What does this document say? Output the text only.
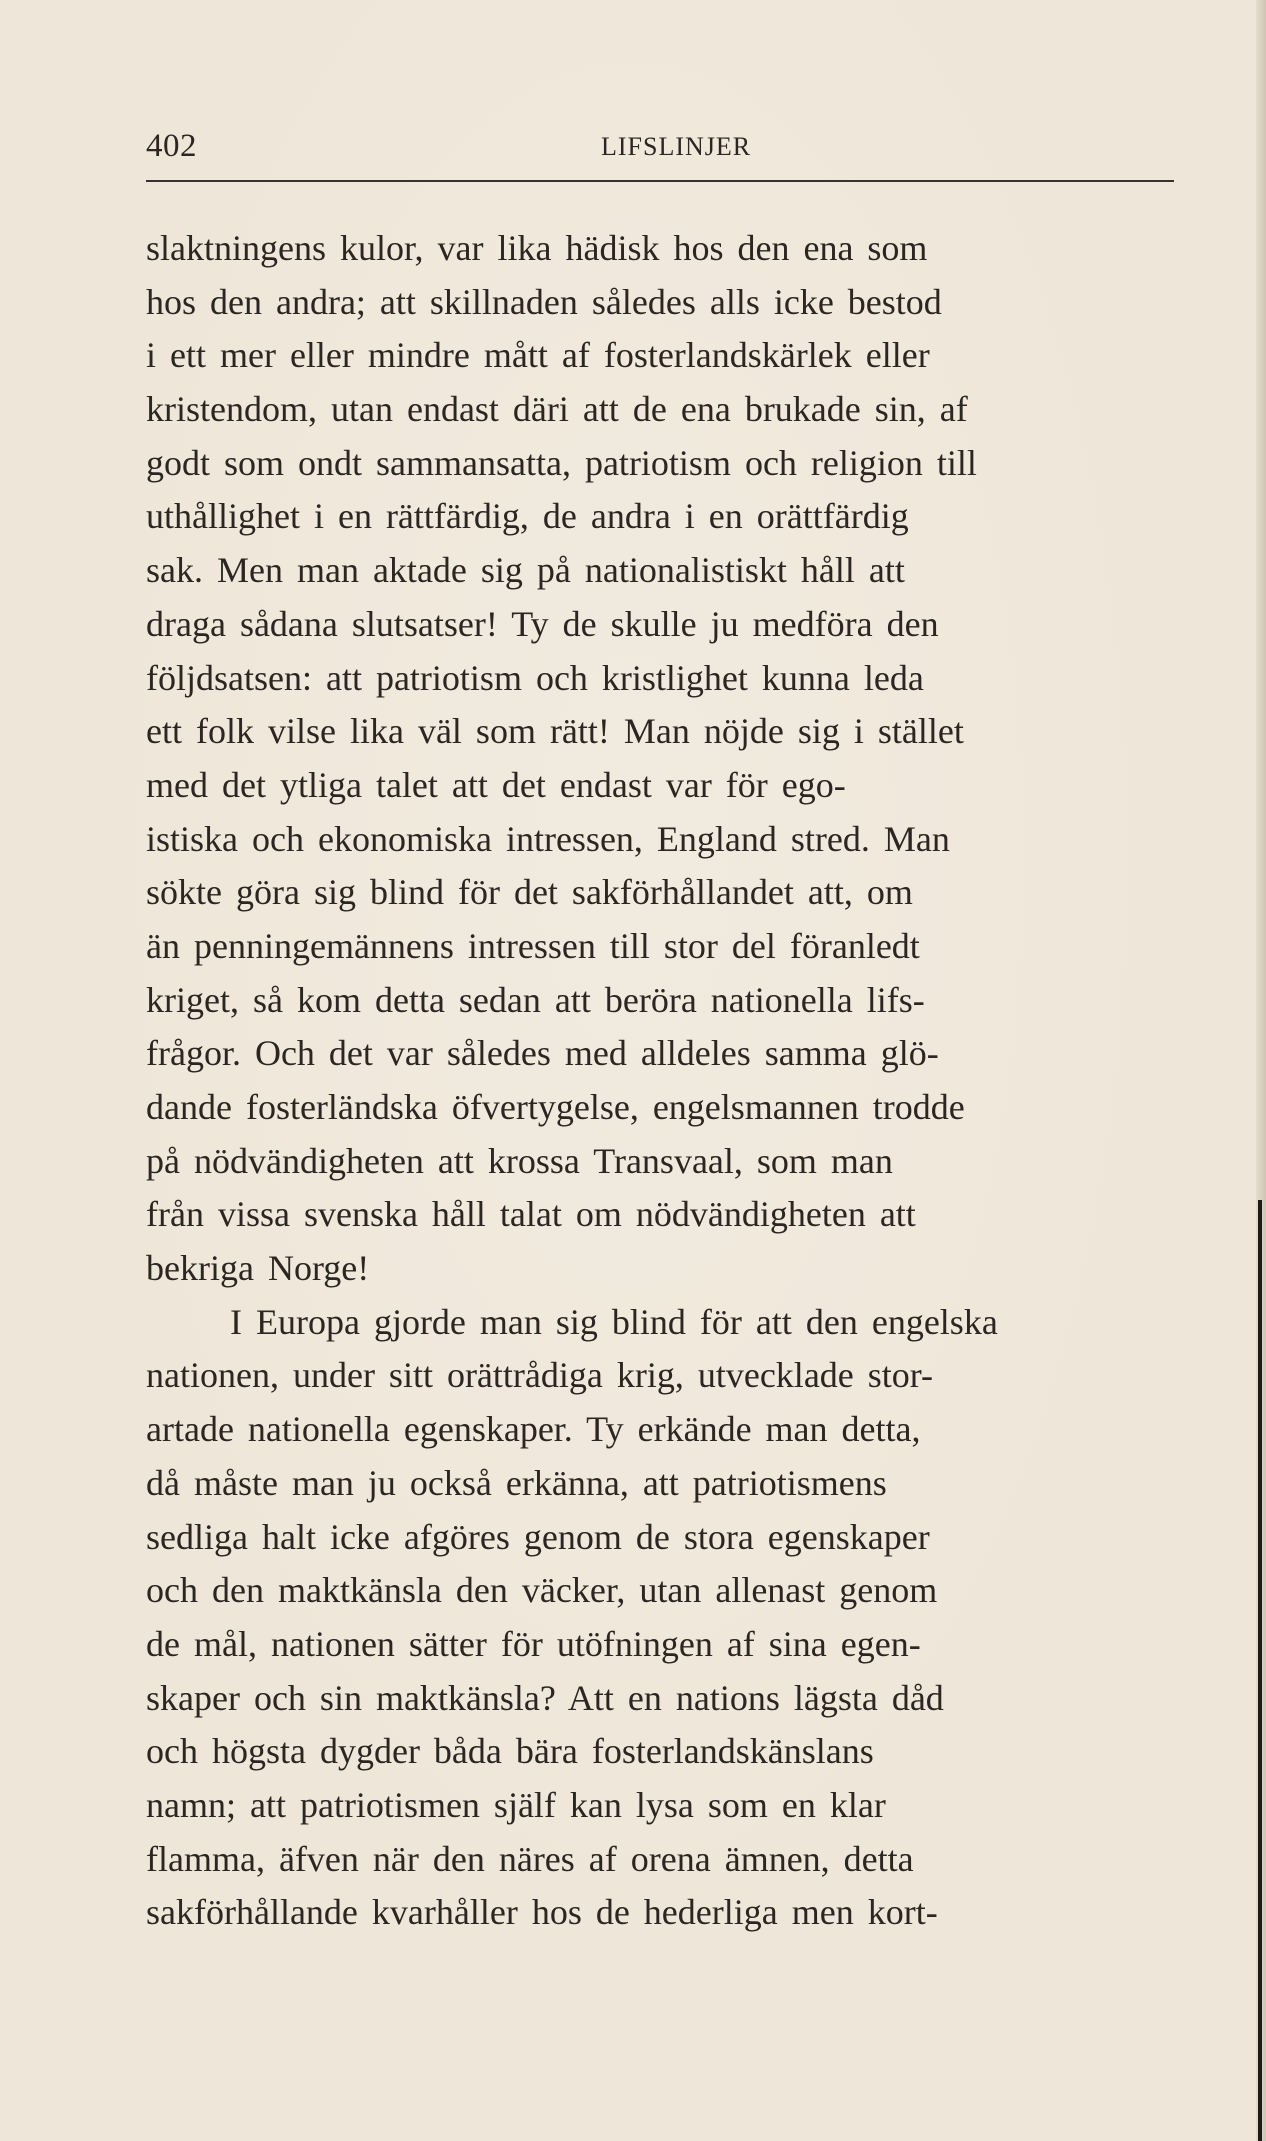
402	LIFSLINJER
slaktningens kulor, var lika hädisk hos den ena som
hos den andra; att skillnaden således alls icke bestod
i ett mer eller mindre mått af fosterlandskärlek eller
kristendom, utan endast däri att de ena brukade sin, af
godt som ondt sammansatta, patriotism och religion till
uthållighet i en rättfärdig, de andra i en orättfärdig
sak. Men man aktade sig på nationalistiskt håll att
draga sådana slutsatser! Ty de skulle ju medföra den
följdsatsen: att patriotism och kristlighet kunna leda
ett folk vilse lika väl som rätt! Man nöjde sig i stället
med det ytliga talet att det endast var för ego-
istiska och ekonomiska intressen, England stred. Man
sökte göra sig blind för det sakförhållandet att, om
än penningemännens intressen till stor del föranledt
kriget, så kom detta sedan att beröra nationella lifs-
frågor. Och det var således med alldeles samma glö-
dande fosterländska öfvertygelse, engelsmannen trodde
på nödvändigheten att krossa Transvaal, som man
från vissa svenska håll talat om nödvändigheten att
bekriga Norge!
I Europa gjorde man sig blind för att den engelska
nationen, under sitt orättrådiga krig, utvecklade stor-
artade nationella egenskaper. Ty erkände man detta,
då måste man ju också erkänna, att patriotismens
sedliga halt icke afgöres genom de stora egenskaper
och den maktkänsla den väcker, utan allenast genom
de mål, nationen sätter för utöfningen af sina egen-
skaper och sin maktkänsla? Att en nations lägsta dåd
och högsta dygder båda bära fosterlandskänslans
namn; att patriotismen själf kan lysa som en klar
flamma, äfven när den näres af orena ämnen, detta
sakförhållande kvarhåller hos de hederliga men kort-
